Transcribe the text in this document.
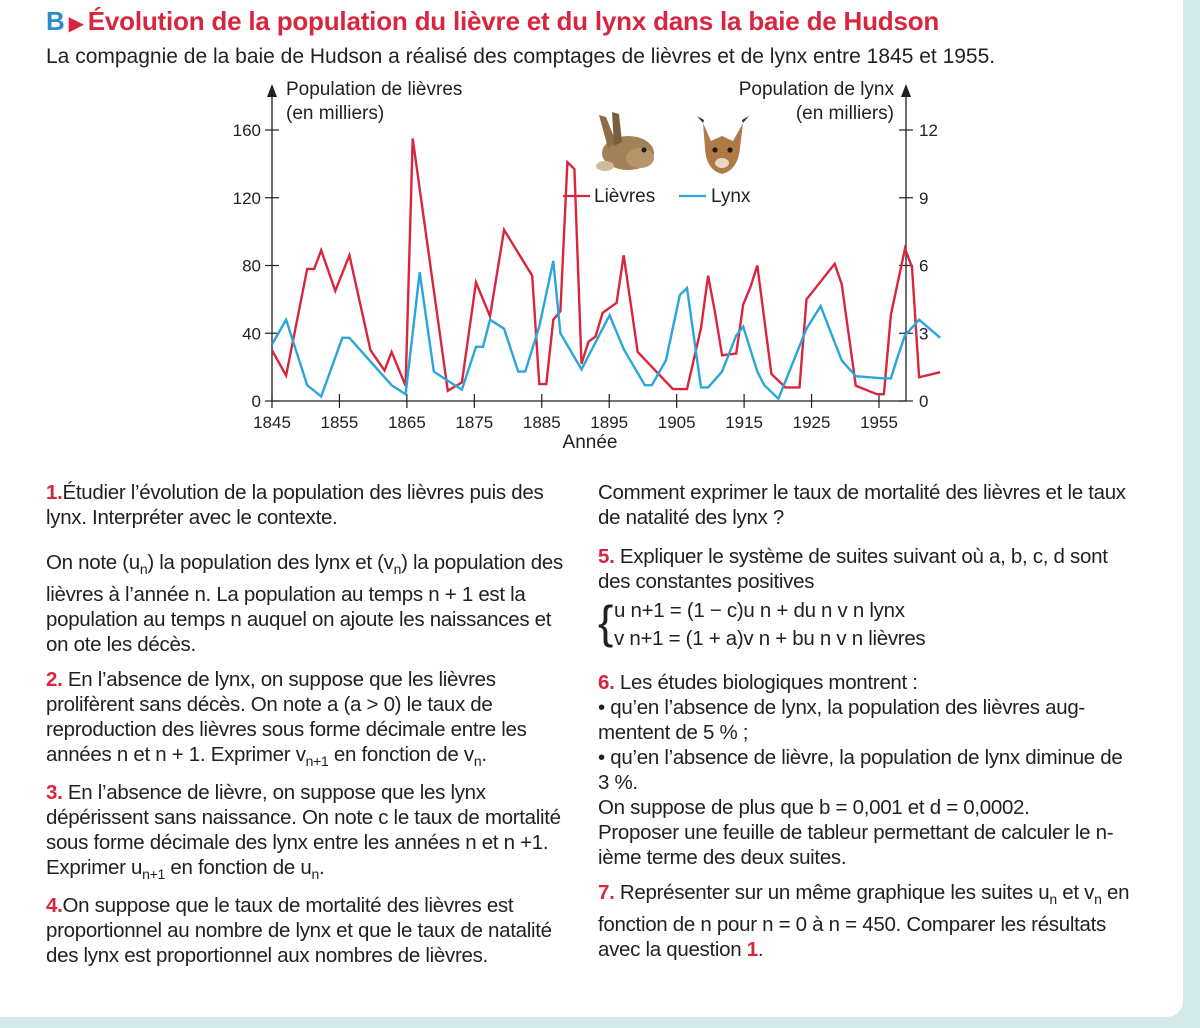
B ▶ Évolution de la population du lièvre et du lynx dans la baie de Hudson
La compagnie de la baie de Hudson a réalisé des comptages de lièvres et de lynx entre 1845 et 1955.

1.Étudier l’évolution de la population des lièvres puis des lynx. Interpréter avec le contexte.

On note $(u_n)$ la population des lynx et $(v_n)$ la population des lièvres à l’année n. La population au temps n + 1 est la population au temps n auquel on ajoute les naissances et on ote les décès.

2. En l’absence de lynx, on suppose que les lièvres prolifèrent sans décès. On note a (a > 0) le taux de reproduction des lièvres sous forme décimale entre les années n et n + 1. Exprimer $v_{n+1}$ en fonction de $v_n$.

3. En l’absence de lièvre, on suppose que les lynx dépérissent sans naissance. On note c le taux de mortalité sous forme décimale des lynx entre les années n et n +1. Exprimer $u_{n+1}$ en fonction de $u_n$.

4.On suppose que le taux de mortalité des lièvres est proportionnel au nombre de lynx et que le taux de natalité des lynx est proportionnel aux nombres de lièvres.

Comment exprimer le taux de mortalité des lièvres et le taux de natalité des lynx ?

5. Expliquer le système de suites suivant où a, b, c, d sont des constantes positives

{ u n+1 = (1 − c)u n + du n v n lynx
v n+1 = (1 + a)v n + bu n v n lièvres

6. Les études biologiques montrent :

• qu’en l’absence de lynx, la population des lièvres aug-mentent de 5 % ;

• qu’en l’absence de lièvre, la population de lynx diminue de 3 %.

On suppose de plus que b = 0,001 et d = 0,0002.

Proposer une feuille de tableur permettant de calculer le n-ième terme des deux suites.

7. Représenter sur un même graphique les suites $u_n$ et $v_n$ en fonction de n pour n = 0 à n = 450. Comparer les résultats avec la question 1.

Population de lièvres
(en milliers)
Population de lynx
(en milliers)
0
40
80
120
160
0
3
6
9
12
1845 1855 1865 1875 1885 1895 1905 1915 1925 1955
Année
Lièvres	Lynx
